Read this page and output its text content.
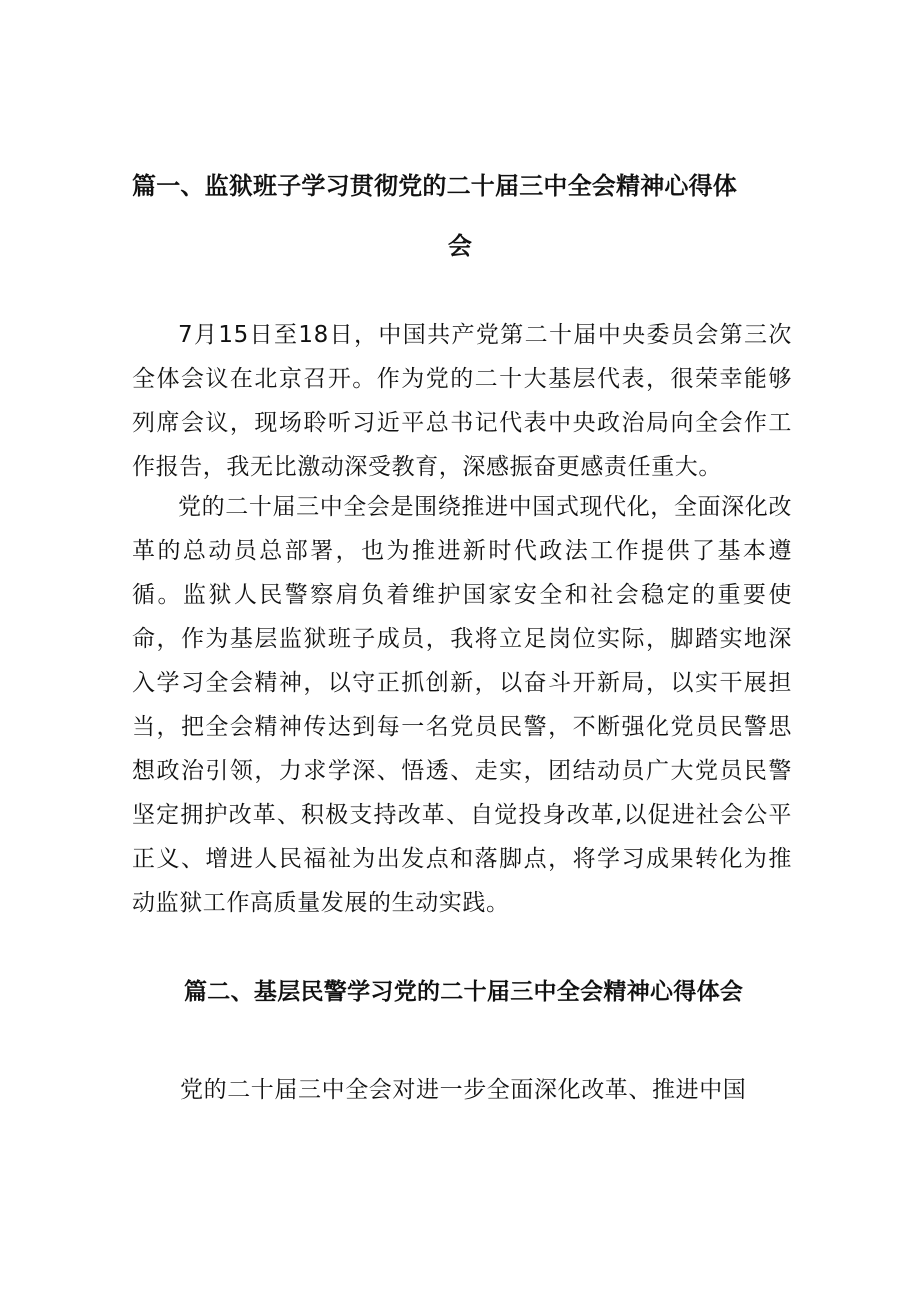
篇一、监狱班子学习贯彻党的二十届三中全会精神心得体
会
7月15日至18日，中国共产党第二十届中央委员会第三次全体会议在北京召开。作为党的二十大基层代表，很荣幸能够列席会议，现场聆听习近平总书记代表中央政治局向全会作工作报告，我无比激动深受教育，深感振奋更感责任重大。
党的二十届三中全会是围绕推进中国式现代化，全面深化改革的总动员总部署，也为推进新时代政法工作提供了基本遵循。监狱人民警察肩负着维护国家安全和社会稳定的重要使命，作为基层监狱班子成员，我将立足岗位实际，脚踏实地深入学习全会精神，以守正抓创新，以奋斗开新局，以实干展担当，把全会精神传达到每一名党员民警，不断强化党员民警思想政治引领，力求学深、悟透、走实，团结动员广大党员民警坚定拥护改革、积极支持改革、自觉投身改革,以促进社会公平正义、增进人民福祉为出发点和落脚点，将学习成果转化为推动监狱工作高质量发展的生动实践。
篇二、基层民警学习党的二十届三中全会精神心得体会
党的二十届三中全会对进一步全面深化改革、推进中国
